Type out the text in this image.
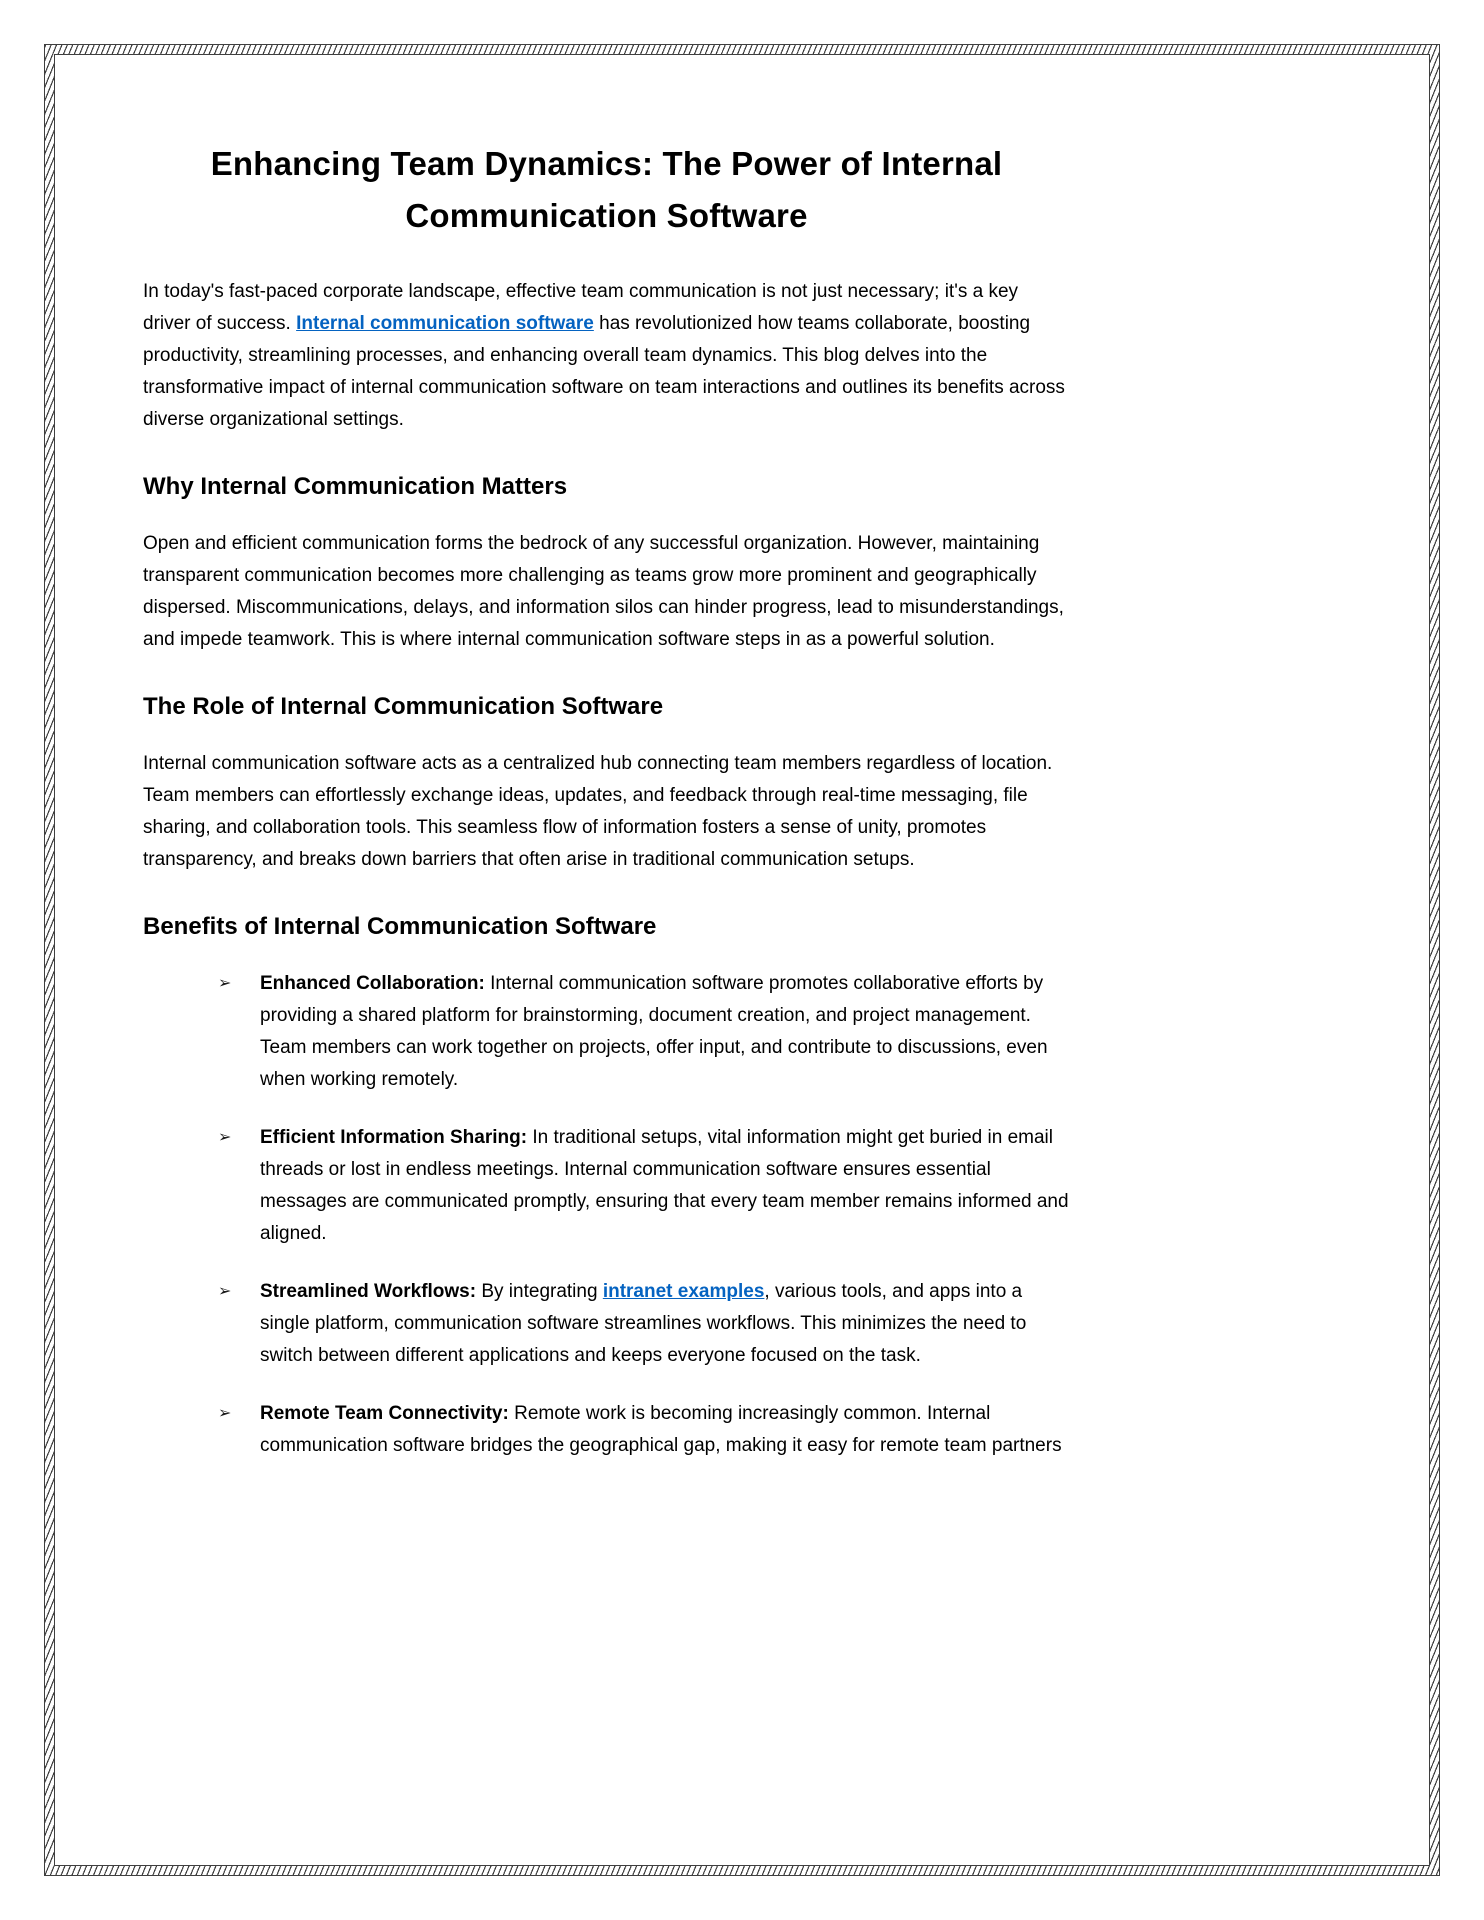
Enhancing Team Dynamics: The Power of Internal Communication Software

In today's fast-paced corporate landscape, effective team communication is not just necessary; it's a key driver of success. Internal communication software has revolutionized how teams collaborate, boosting productivity, streamlining processes, and enhancing overall team dynamics. This blog delves into the transformative impact of internal communication software on team interactions and outlines its benefits across diverse organizational settings.

Why Internal Communication Matters

Open and efficient communication forms the bedrock of any successful organization. However, maintaining transparent communication becomes more challenging as teams grow more prominent and geographically dispersed. Miscommunications, delays, and information silos can hinder progress, lead to misunderstandings, and impede teamwork. This is where internal communication software steps in as a powerful solution.

The Role of Internal Communication Software

Internal communication software acts as a centralized hub connecting team members regardless of location. Team members can effortlessly exchange ideas, updates, and feedback through real-time messaging, file sharing, and collaboration tools. This seamless flow of information fosters a sense of unity, promotes transparency, and breaks down barriers that often arise in traditional communication setups.

Benefits of Internal Communication Software
➢	Enhanced Collaboration: Internal communication software promotes collaborative efforts by providing a shared platform for brainstorming, document creation, and project management. Team members can work together on projects, offer input, and contribute to discussions, even when working remotely.
➢	Efficient Information Sharing: In traditional setups, vital information might get buried in email threads or lost in endless meetings. Internal communication software ensures essential messages are communicated promptly, ensuring that every team member remains informed and aligned.
➢	Streamlined Workflows: By integrating intranet examples, various tools, and apps into a single platform, communication software streamlines workflows. This minimizes the need to switch between different applications and keeps everyone focused on the task.
➢	Remote Team Connectivity: Remote work is becoming increasingly common. Internal communication software bridges the geographical gap, making it easy for remote team partners
